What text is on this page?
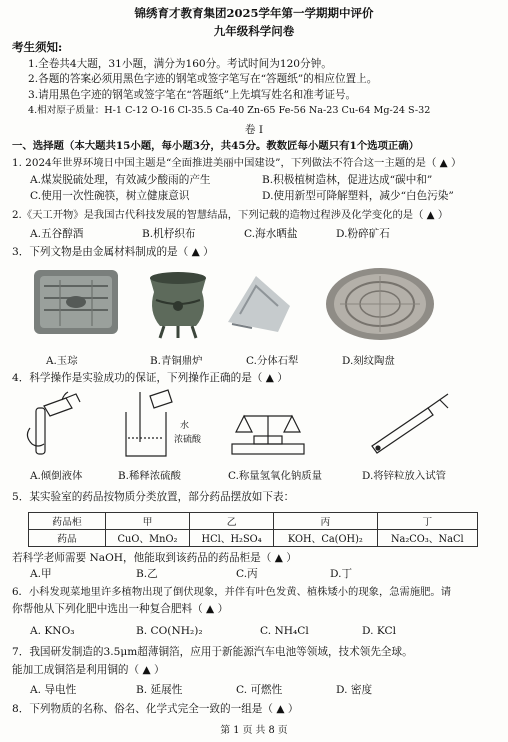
锦绣育才教育集团2025学年第一学期期中评价
九年级科学问卷
考生须知:
1.全卷共4大题，31小题，满分为160分。考试时间为120分钟。
2.各题的答案必须用黑色字迹的钢笔或签字笔写在“答题纸”的相应位置上。
3.请用黑色字迹的钢笔或签字笔在“答题纸”上先填写姓名和准考证号。
4.相对原子质量：H-1 C-12 O-16 Cl-35.5 Ca-40 Zn-65 Fe-56 Na-23 Cu-64 Mg-24 S-32
卷 I
一、选择题（本大题共15小题，每小题3分，共45分。教数匠每小题只有1个选项正确）
1. 2024年世界环境日中国主题是“全面推进美丽中国建设”，下列做法不符合这一主题的是（ ▲ ）
A.煤炭脱硫处理，有效减少酸雨的产生	B.积极植树造林，促进达成“碳中和”
C.使用一次性碗筷，树立健康意识	D.使用新型可降解塑料，减少“白色污染”
2.《天工开物》是我国古代科技发展的智慧结晶，下列记载的造物过程涉及化学变化的是（ ▲ ）
A.五谷醇酒	B.机杼织布	C.海水晒盐	D.粉碎矿石
3．下列文物是由金属材料制成的是（ ▲ ）
A.玉琮	B.青铜鼎炉	C.分体石犁	D.刻纹陶盘
4．科学操作是实验成功的保证，下列操作正确的是（ ▲ ）
水
浓硫酸
A.倾倒液体	B.稀释浓硫酸	C.称量氢氧化钠质量	D.将锌粒放入试管
5．某实验室的药品按物质分类放置，部分药品摆放如下表：
药品柜	甲	乙	丙	丁
药品	CuO、MnO₂	HCl、H₂SO₄	KOH、Ca(OH)₂	Na₂CO₃、NaCl
若科学老师需要 NaOH，他能取到该药品的药品柜是（ ▲ ）
A.甲	B.乙	C.丙	D.丁
6．小科发现菜地里许多植物出现了倒伏现象，并伴有叶色发黄、植株矮小的现象，急需施肥。请
你帮他从下列化肥中选出一种复合肥料（ ▲ ）
A. KNO₃	B. CO(NH₂)₂	C. NH₄Cl	D. KCl
7．我国研发制造的3.5μm超薄铜箔，应用于新能源汽车电池等领域，技术领先全球。
能加工成铜箔是利用铜的（ ▲ ）
A. 导电性	B. 延展性	C. 可燃性	D. 密度
8．下列物质的名称、俗名、化学式完全一致的一组是（ ▲ ）
第 1 页 共 8 页
